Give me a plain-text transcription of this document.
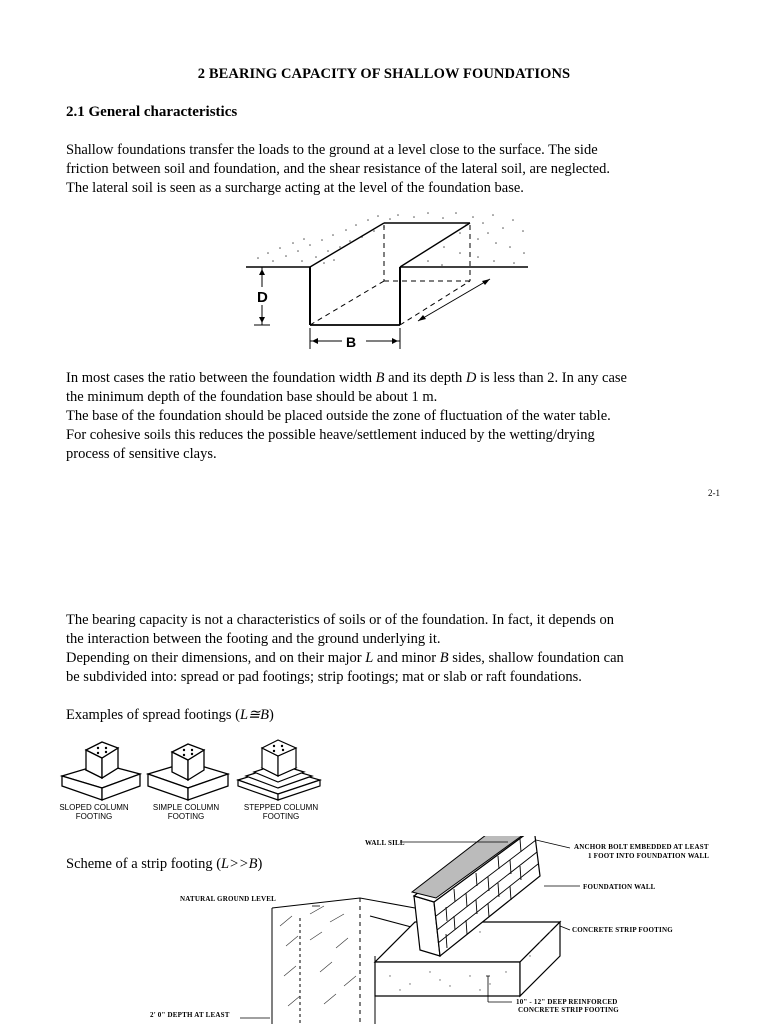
2 BEARING CAPACITY OF SHALLOW FOUNDATIONS
2.1 General characteristics

Shallow foundations transfer the loads to the ground at a level close to the surface. The side

friction between soil and foundation, and the shear resistance of the lateral soil, are neglected.

The lateral soil is seen as a surcharge acting at the level of the foundation base.

D
B

In most cases the ratio between the foundation width B and its depth D is less than 2. In any case

the minimum depth of the foundation base should be about 1 m.

The base of the foundation should be placed outside the zone of fluctuation of the water table.

For cohesive soils this reduces the possible heave/settlement induced by the wetting/drying

process of sensitive clays.

2-1

The bearing capacity is not a characteristics of soils or of the foundation. In fact, it depends on

the interaction between the footing and the ground underlying it.

Depending on their dimensions, and on their major L and minor B sides, shallow foundation can

be subdivided into: spread or pad footings; strip footings; mat or slab or raft foundations.

Examples of spread footings (L≅B)
SLOPED COLUMN
FOOTING
SIMPLE COLUMN
FOOTING
STEPPED COLUMN
FOOTING
Scheme of a strip footing (L>>B)
WALL SILL	ANCHOR BOLT EMBEDDED AT LEAST
1 FOOT INTO FOUNDATION WALL
FOUNDATION WALL
CONCRETE STRIP FOOTING
10" - 12" DEEP REINFORCED
CONCRETE STRIP FOOTING
NATURAL GROUND LEVEL
2' 0" DEPTH AT LEAST
